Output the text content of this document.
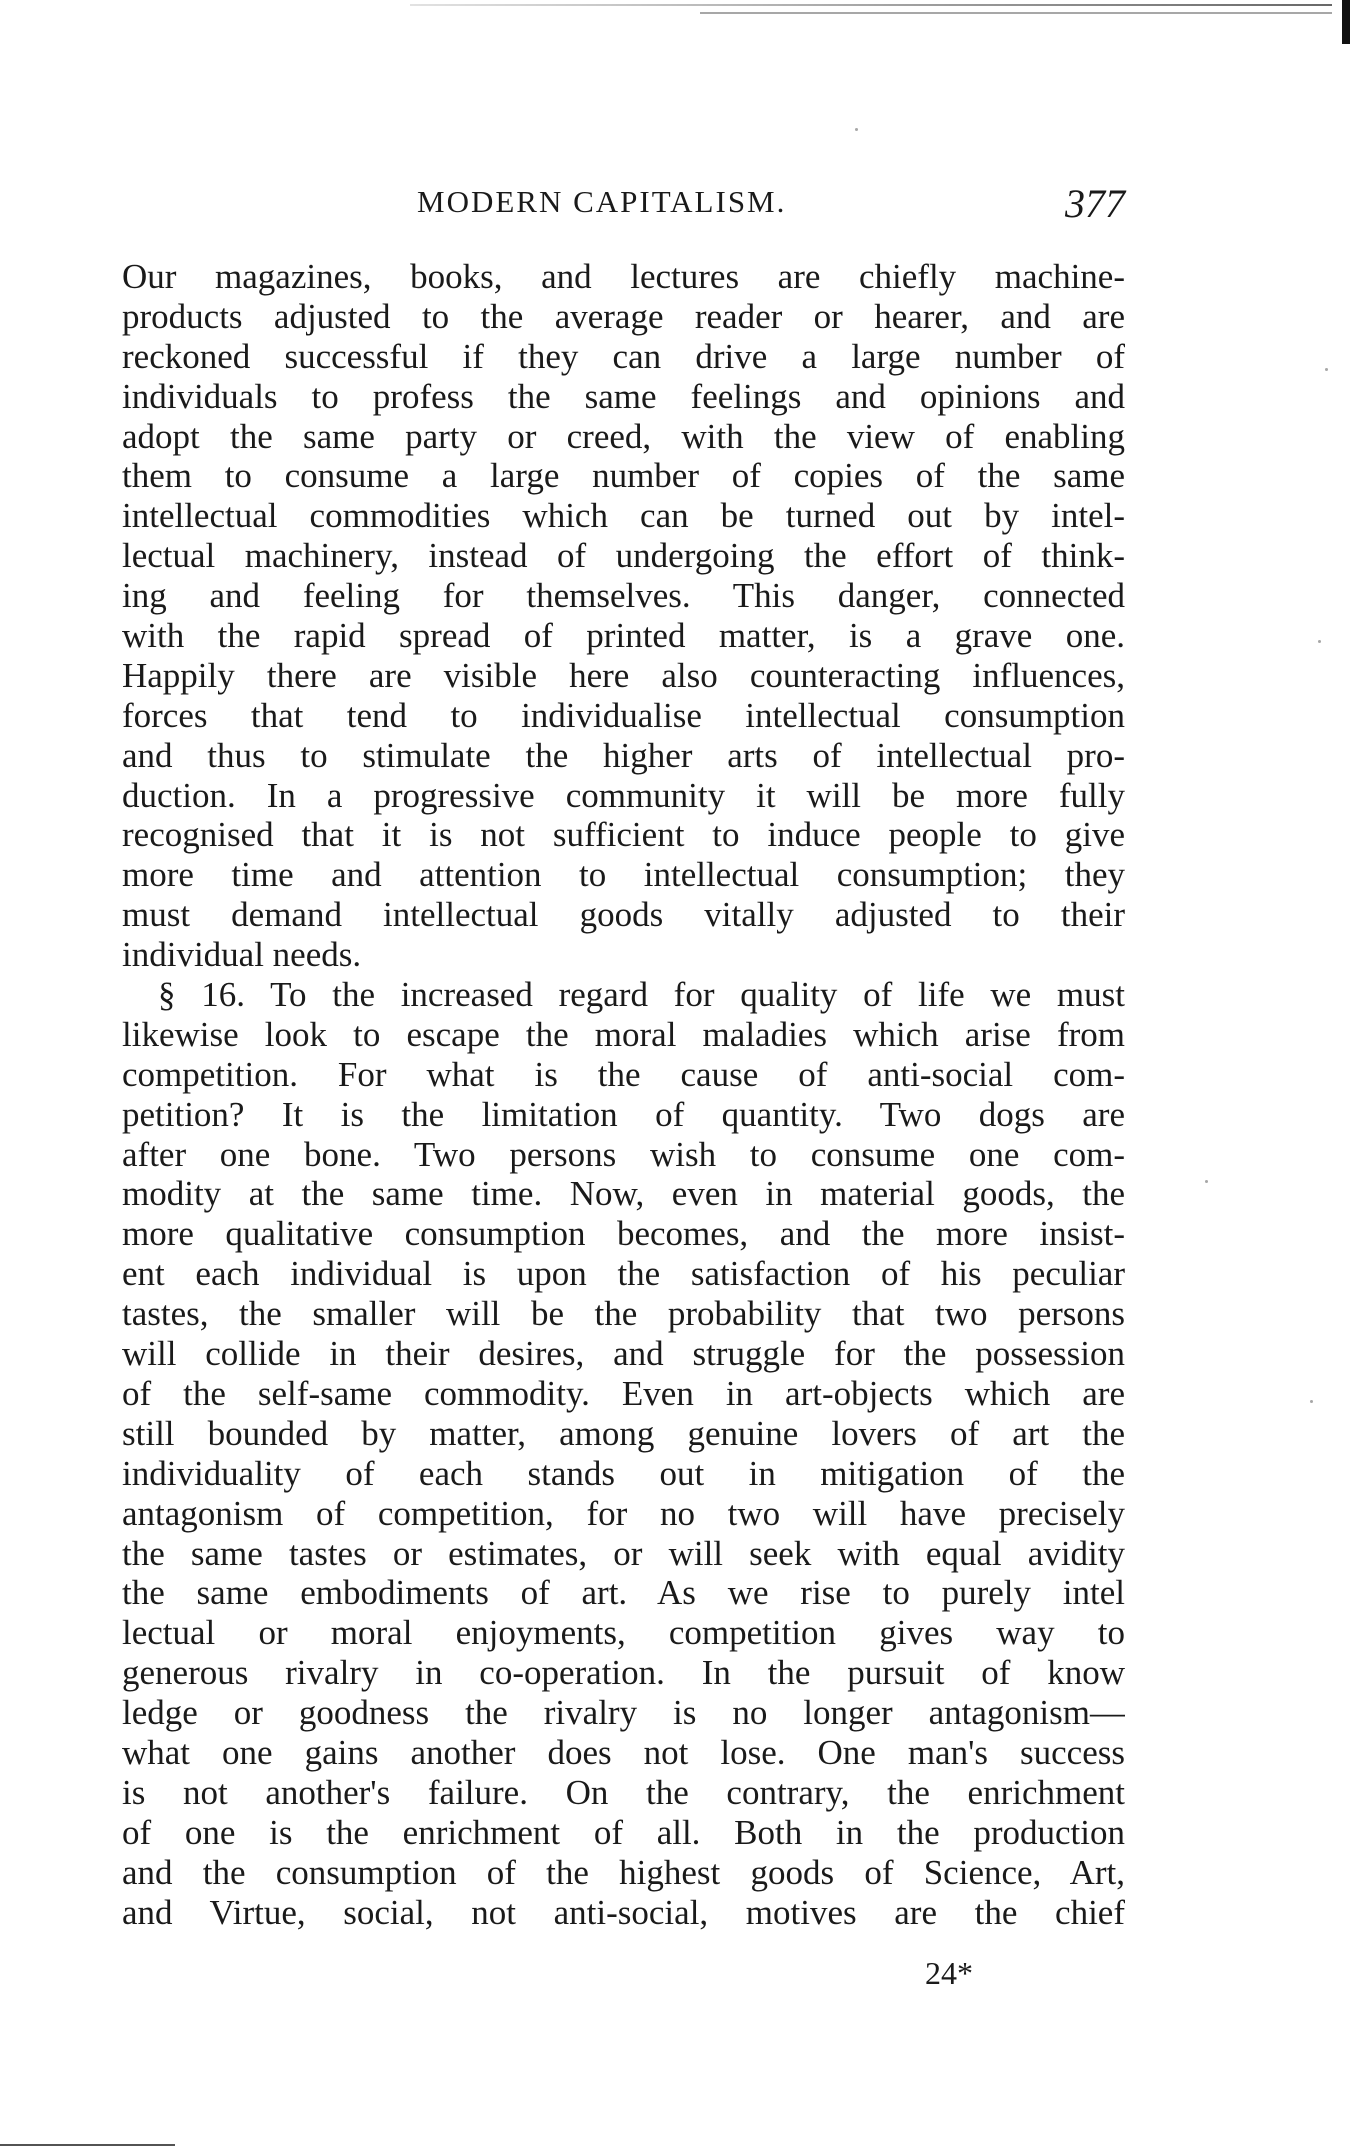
MODERN CAPITALISM.	377
Our magazines, books, and lectures are chiefly machine-
products adjusted to the average reader or hearer, and are
reckoned successful if they can drive a large number of
individuals to profess the same feelings and opinions and
adopt the same party or creed, with the view of enabling
them to consume a large number of copies of the same
intellectual commodities which can be turned out by intel-
lectual machinery, instead of undergoing the effort of think-
ing and feeling for themselves. This danger, connected
with the rapid spread of printed matter, is a grave one.
Happily there are visible here also counteracting influences,
forces that tend to individualise intellectual consumption
and thus to stimulate the higher arts of intellectual pro-
duction. In a progressive community it will be more fully
recognised that it is not sufficient to induce people to give
more time and attention to intellectual consumption; they
must demand intellectual goods vitally adjusted to their
individual needs.
§ 16. To the increased regard for quality of life we must
likewise look to escape the moral maladies which arise from
competition. For what is the cause of anti-social com-
petition? It is the limitation of quantity. Two dogs are
after one bone. Two persons wish to consume one com-
modity at the same time. Now, even in material goods, the
more qualitative consumption becomes, and the more insist-
ent each individual is upon the satisfaction of his peculiar
tastes, the smaller will be the probability that two persons
will collide in their desires, and struggle for the possession
of the self-same commodity. Even in art-objects which are
still bounded by matter, among genuine lovers of art the
individuality of each stands out in mitigation of the
antagonism of competition, for no two will have precisely
the same tastes or estimates, or will seek with equal avidity
the same embodiments of art. As we rise to purely intel
lectual or moral enjoyments, competition gives way to
generous rivalry in co-operation. In the pursuit of know
ledge or goodness the rivalry is no longer antagonism—
what one gains another does not lose. One man's success
is not another's failure. On the contrary, the enrichment
of one is the enrichment of all. Both in the production
and the consumption of the highest goods of Science, Art,
and Virtue, social, not anti-social, motives are the chief
24*
